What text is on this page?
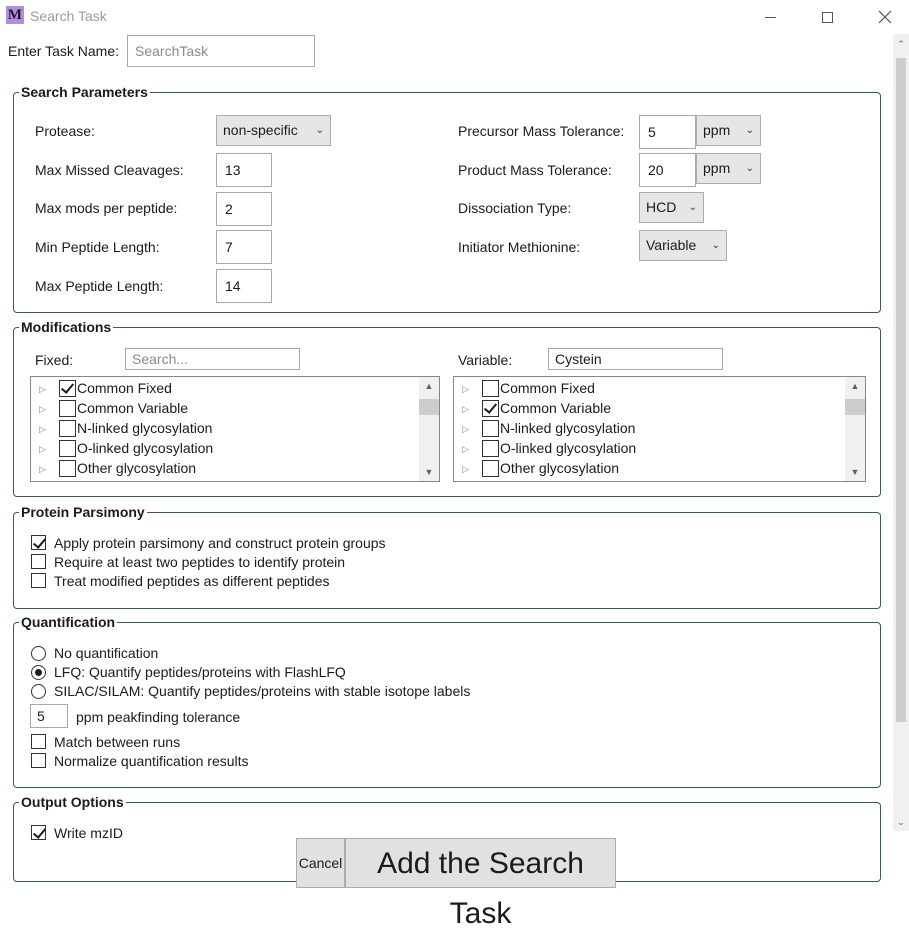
M Search Task
Enter Task Name:	SearchTask
Search Parameters
Protease:	non-specific ⌄
Max Missed Cleavages:	13
Max mods per peptide:	2
Min Peptide Length:	7
Max Peptide Length:	14
Precursor Mass Tolerance:	5	ppm ⌄
Product Mass Tolerance:	20	ppm ⌄
Dissociation Type:	HCD ⌄
Initiator Methionine:	Variable ⌄
Modifications
Fixed:	Search...	Variable:	Cystein
▷ Common Fixed
▷ Common Variable
▷ N-linked glycosylation
▷ O-linked glycosylation
▷ Other glycosylation
▲
▼
▷ Common Fixed
▷ Common Variable
▷ N-linked glycosylation
▷ O-linked glycosylation
▷ Other glycosylation
▲
▼
Protein Parsimony
Apply protein parsimony and construct protein groups
Require at least two peptides to identify protein
Treat modified peptides as different peptides
Quantification
No quantification
LFQ: Quantify peptides/proteins with FlashLFQ
SILAC/SILAM: Quantify peptides/proteins with stable isotope labels
5	ppm peakfinding tolerance
Match between runs
Normalize quantification results
Output Options
Write mzID
⌃
⌄
Cancel	Add the Search Task
